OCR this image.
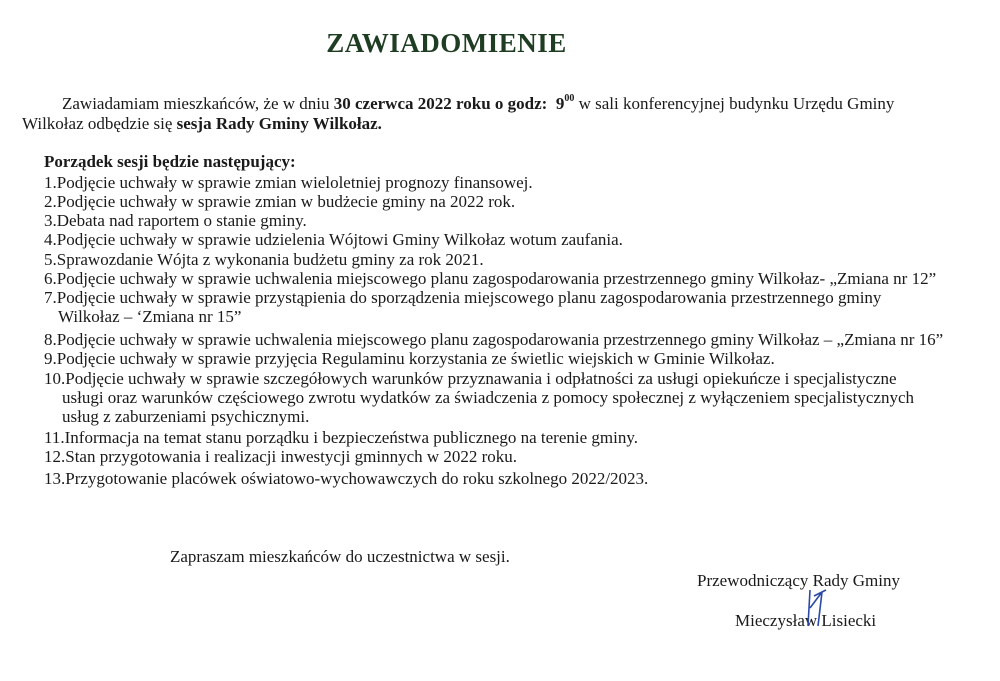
ZAWIADOMIENIE
Zawiadamiam mieszkańców, że w dniu 30 czerwca 2022 roku o godz: $9^{00}$ w sali konferencyjnej budynku Urzędu Gminy
Wilkołaz odbędzie się sesja Rady Gminy Wilkołaz.
Porządek sesji będzie następujący:
1.Podjęcie uchwały w sprawie zmian wieloletniej prognozy finansowej.
2.Podjęcie uchwały w sprawie zmian w budżecie gminy na 2022 rok.
3.Debata nad raportem o stanie gminy.
4.Podjęcie uchwały w sprawie udzielenia Wójtowi Gminy Wilkołaz wotum zaufania.
5.Sprawozdanie Wójta z wykonania budżetu gminy za rok 2021.
6.Podjęcie uchwały w sprawie uchwalenia miejscowego planu zagospodarowania przestrzennego gminy Wilkołaz- „Zmiana nr 12”
7.Podjęcie uchwały w sprawie przystąpienia do sporządzenia miejscowego planu zagospodarowania przestrzennego gminy
Wilkołaz – ‘Zmiana nr 15”
8.Podjęcie uchwały w sprawie uchwalenia miejscowego planu zagospodarowania przestrzennego gminy Wilkołaz – „Zmiana nr 16”
9.Podjęcie uchwały w sprawie przyjęcia Regulaminu korzystania ze świetlic wiejskich w Gminie Wilkołaz.
10.Podjęcie uchwały w sprawie szczegółowych warunków przyznawania i odpłatności za usługi opiekuńcze i specjalistyczne
usługi oraz warunków częściowego zwrotu wydatków za świadczenia z pomocy społecznej z wyłączeniem specjalistycznych
usług z zaburzeniami psychicznymi.
11.Informacja na temat stanu porządku i bezpieczeństwa publicznego na terenie gminy.
12.Stan przygotowania i realizacji inwestycji gminnych w 2022 roku.
13.Przygotowanie placówek oświatowo-wychowawczych do roku szkolnego 2022/2023.
Zapraszam mieszkańców do uczestnictwa w sesji.
Przewodniczący Rady Gminy
Mieczysław Lisiecki
